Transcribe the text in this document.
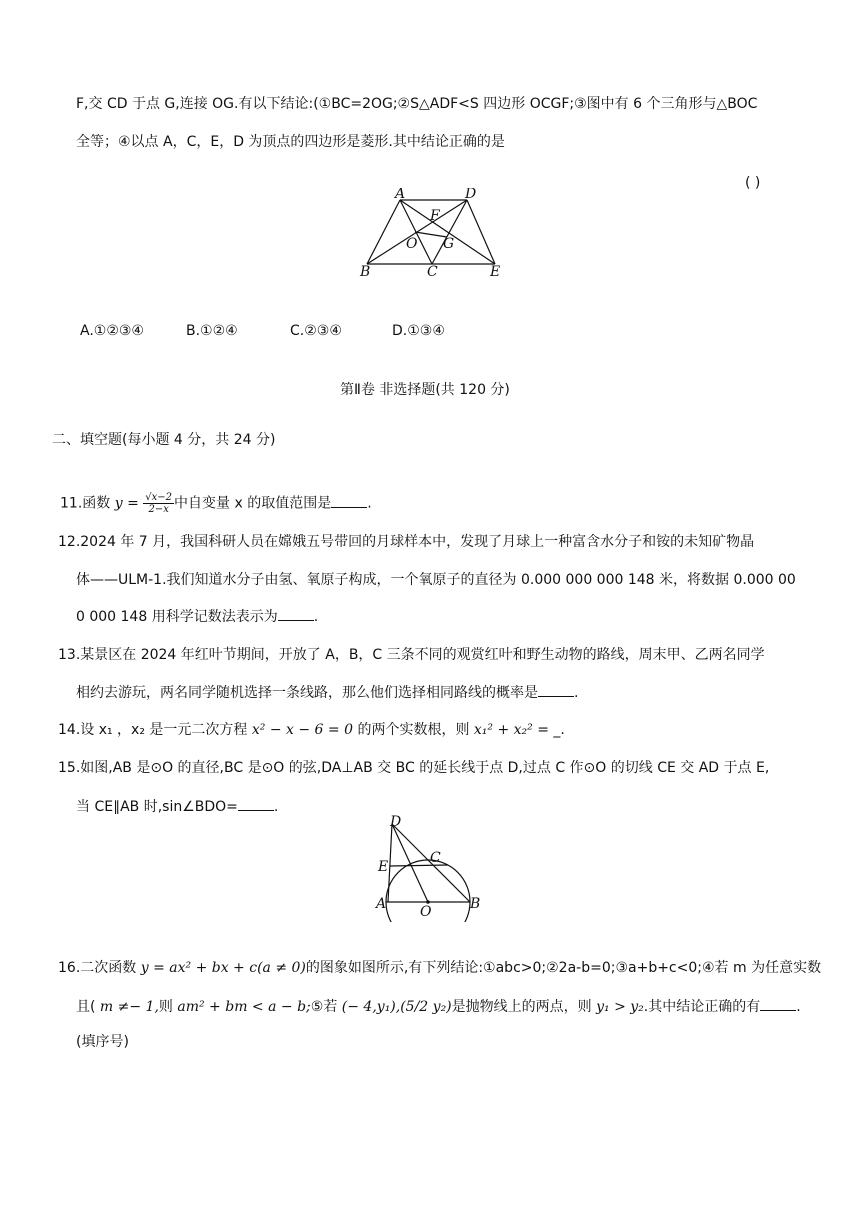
F,交 CD 于点 G,连接 OG.有以下结论:(①BC=2OG;②S△ADF<S 四边形 OCGF;③图中有 6 个三角形与△BOC
全等；④以点 A，C，E，D 为顶点的四边形是菱形.其中结论正确的是
( )
A	D
F
O G
B	C	E
A.①②③④	B.①②④	C.②③④	D.①③④
第Ⅱ卷 非选择题(共 120 分)
二、填空题(每小题 4 分，共 24 分)
11.函数 $y = \frac{√x-2}{2-x}$ 中自变量 x 的取值范围是	.
12.2024 年 7 月，我国科研人员在嫦娥五号带回的月球样本中，发现了月球上一种富含水分子和铵的未知矿物晶
体——ULM-1.我们知道水分子由氢、氧原子构成，一个氧原子的直径为 0.000 000 000 148 米，将数据 0.000 00
0 000 148 用科学记数法表示为	.
13.某景区在 2024 年红叶节期间，开放了 A，B，C 三条不同的观赏红叶和野生动物的路线，周末甲、乙两名同学
相约去游玩，两名同学随机选择一条线路，那么他们选择相同路线的概率是	.
14.设 x₁ ，x₂ 是一元二次方程 x² − x − 6 = 0 的两个实数根，则 x₁² + x₂² = _.
15.如图,AB 是⊙O 的直径,BC 是⊙O 的弦,DA⊥AB 交 BC 的延长线于点 D,过点 C 作⊙O 的切线 CE 交 AD 于点 E,
当 CE∥AB 时,sin∠BDO=	.
D
E
C
A O	B
16.二次函数 y = ax² + bx + c(a ≠ 0)的图象如图所示,有下列结论:①abc>0;②2a-b=0;③a+b+c<0;④若 m 为任意实数
且( m ≠− 1,则 am² + bm < a − b;⑤若 (− 4,y₁),(5/2 y₂)是抛物线上的两点，则 y₁ > y₂.其中结论正确的有	.
(填序号)
